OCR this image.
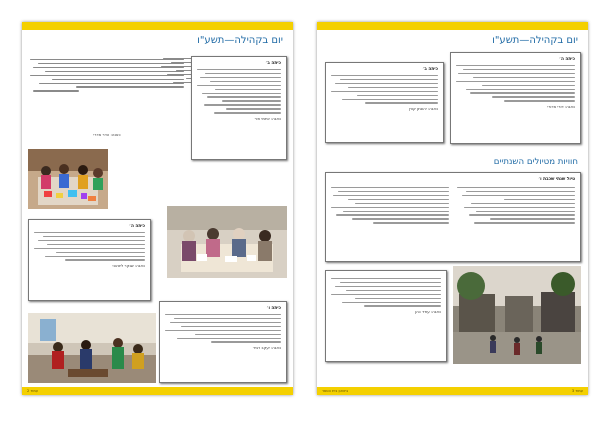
יום בקהילה—תשע"ו
כיתה ב׳
כאנה: איזמי איר
כאנה: הדר אדרי
כיתה ה׳
כאנה: שנקר ליטאני
כיתה ו׳
כאנה: יעקב רביד
עמוד 2
יום בקהילה—תשע"ו
כיתה ה׳
כאנה: דורי אדורי
כיתה ב׳
כאנה: יהונתן קורן
חוויות מטיולים השנתיים
טיול שנתי שכבת ו׳
כאנה: עודד כהן
עמוד 3
ביטאון בית הספר
